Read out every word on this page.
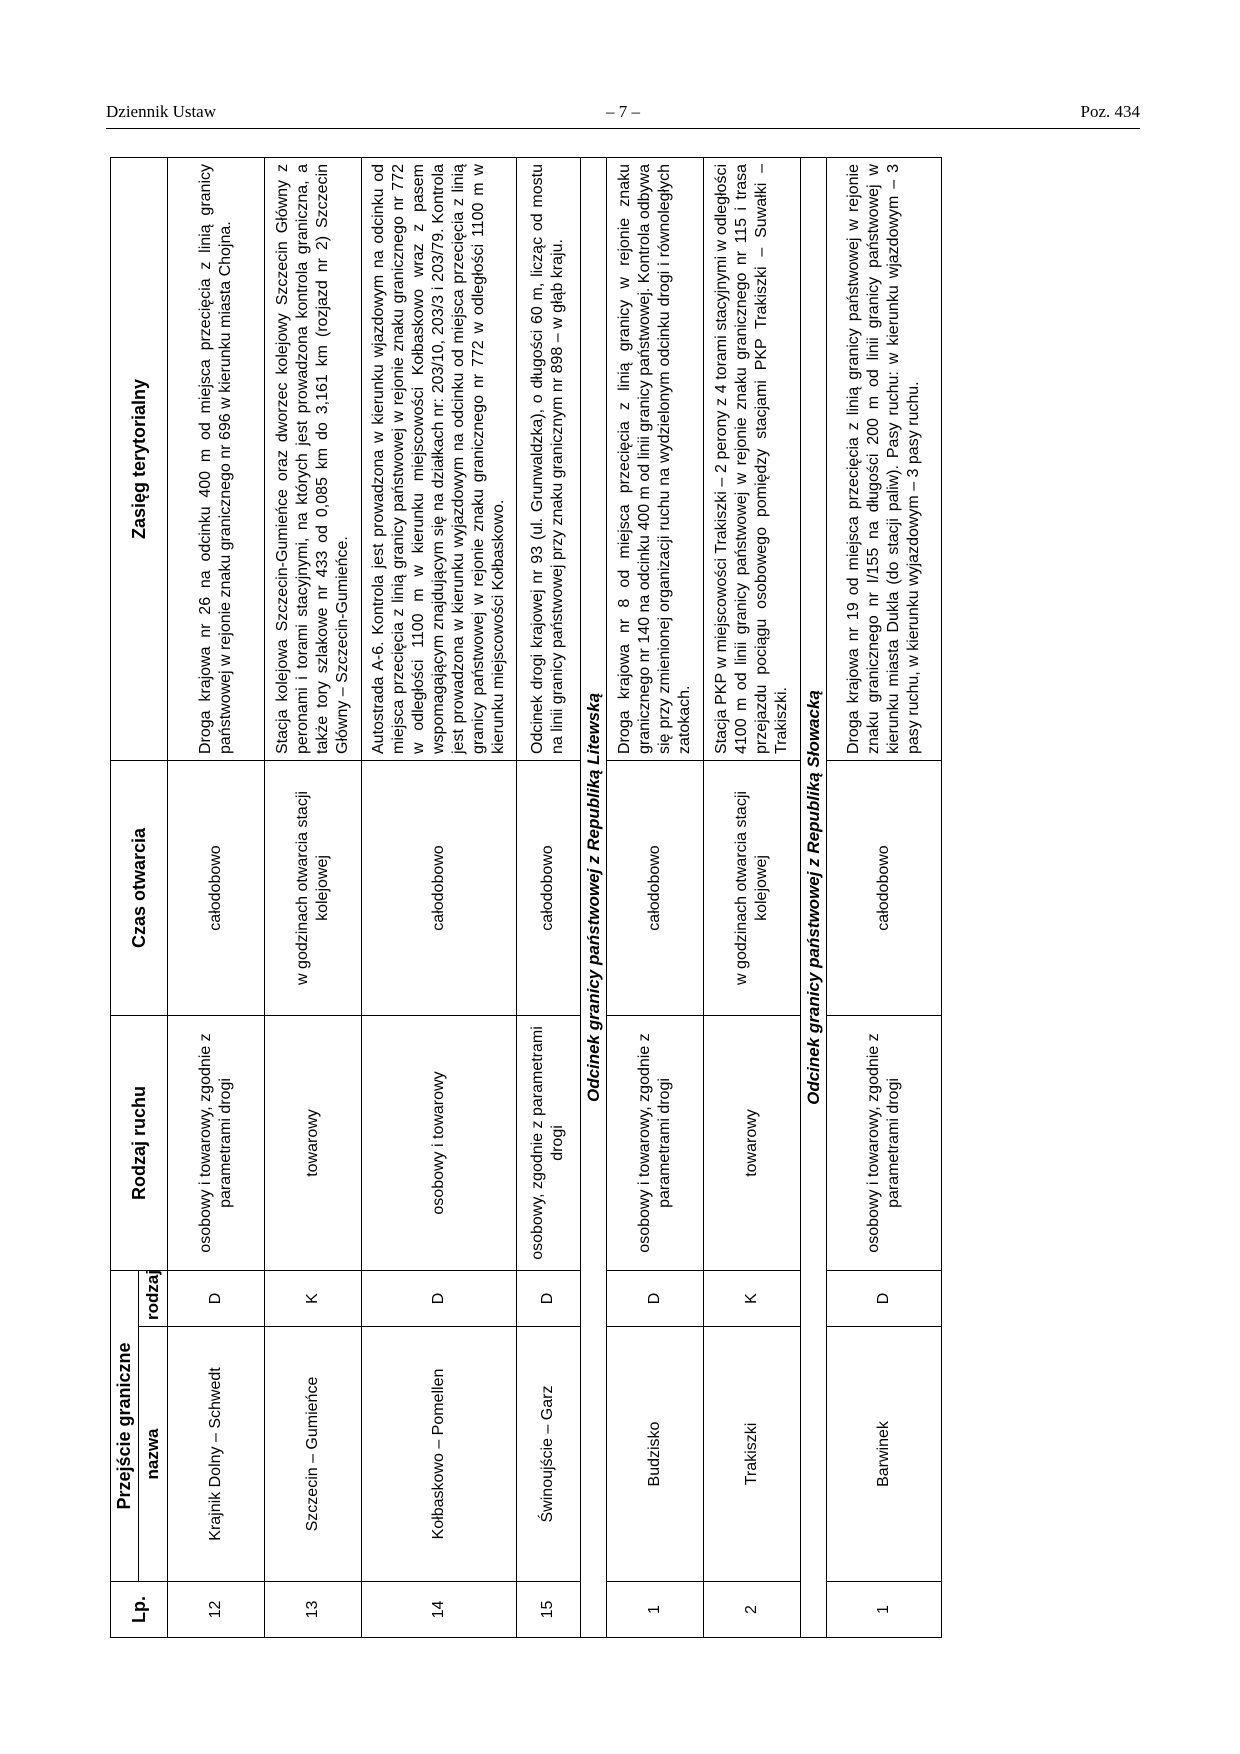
Dziennik Ustaw	– 7 –	Poz. 434
Lp.	Przejście graniczne		Rodzaj ruchu	Czas otwarcia	Zasięg terytorialny
	nazwa	rodzaj			
12	Krajnik Dolny – Schwedt	D	osobowy i towarowy, zgodnie z parametrami drogi	całodobowo	Droga krajowa nr 26 na odcinku 400 m od miejsca przecięcia z linią granicy państwowej w rejonie znaku granicznego nr 696 w kierunku miasta Chojna.
13	Szczecin – Gumieńce	K	towarowy	w godzinach otwarcia stacji kolejowej	Stacja kolejowa Szczecin-Gumieńce oraz dworzec kolejowy Szczecin Główny z peronami i torami stacyjnymi, na których jest prowadzona kontrola graniczna, a także tory szlakowe nr 433 od 0,085 km do 3,161 km (rozjazd nr 2) Szczecin Główny – Szczecin-Gumieńce.
14	Kołbaskowo – Pomellen	D	osobowy i towarowy	całodobowo	Autostrada A-6. Kontrola jest prowadzona w kierunku wjazdowym na odcinku od miejsca przecięcia z linią granicy państwowej w rejonie znaku granicznego nr 772 w odległości 1100 m w kierunku miejscowości Kołbaskowo wraz z pasem wspomagającym znajdującym się na działkach nr: 203/10, 203/3 i 203/79. Kontrola jest prowadzona w kierunku wyjazdowym na odcinku od miejsca przecięcia z linią granicy państwowej w rejonie znaku granicznego nr 772 w odległości 1100 m w kierunku miejscowości Kołbaskowo.
15	Świnoujście – Garz	D	osobowy, zgodnie z parametrami drogi	całodobowo	Odcinek drogi krajowej nr 93 (ul. Grunwaldzka), o długości 60 m, licząc od mostu na linii granicy państwowej przy znaku granicznym nr 898 – w głąb kraju.
Odcinek granicy państwowej z Republiką Litewską					
1	Budzisko	D	osobowy i towarowy, zgodnie z parametrami drogi	całodobowo	Droga krajowa nr 8 od miejsca przecięcia z linią granicy w rejonie znaku granicznego nr 140 na odcinku 400 m od linii granicy państwowej. Kontrola odbywa się przy zmienionej organizacji ruchu na wydzielonym odcinku drogi i równoległych zatokach.
2	Trakiszki	K	towarowy	w godzinach otwarcia stacji kolejowej	Stacja PKP w miejscowości Trakiszki – 2 perony z 4 torami stacyjnymi w odległości 4100 m od linii granicy państwowej w rejonie znaku granicznego nr 115 i trasa przejazdu pociągu osobowego pomiędzy stacjami PKP Trakiszki – Suwałki – Trakiszki.
Odcinek granicy państwowej z Republiką Słowacką					
1	Barwinek	D	osobowy i towarowy, zgodnie z parametrami drogi	całodobowo	Droga krajowa nr 19 od miejsca przecięcia z linią granicy państwowej w rejonie znaku granicznego nr I/155 na długości 200 m od linii granicy państwowej w kierunku miasta Dukla (do stacji paliw). Pasy ruchu: w kierunku wjazdowym – 3 pasy ruchu, w kierunku wyjazdowym – 3 pasy ruchu.
